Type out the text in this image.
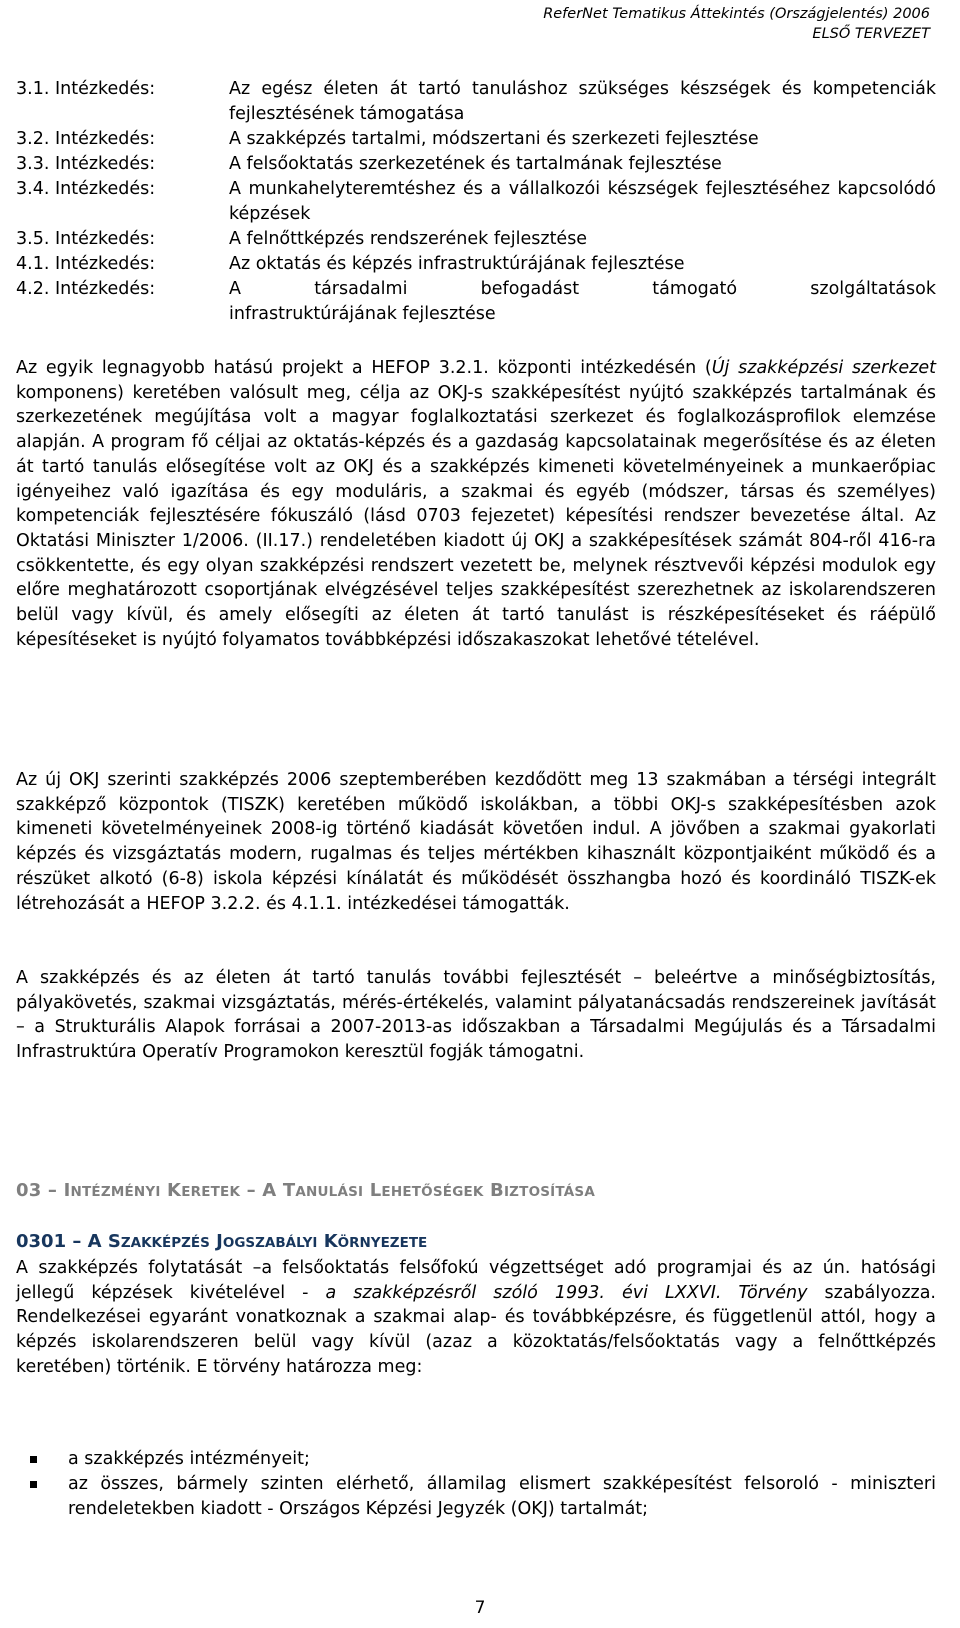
ReferNet Tematikus Áttekintés (Országjelentés) 2006
ELSŐ TERVEZET
3.1. Intézkedés:	Az egész életen át tartó tanuláshoz szükséges készségek és kompetenciák fejlesztésének támogatása
3.2. Intézkedés:	A szakképzés tartalmi, módszertani és szerkezeti fejlesztése
3.3. Intézkedés:	A felsőoktatás szerkezetének és tartalmának fejlesztése
3.4. Intézkedés:	A munkahelyteremtéshez és a vállalkozói készségek fejlesztéséhez kapcsolódó képzések
3.5. Intézkedés:	A felnőttképzés rendszerének fejlesztése
4.1. Intézkedés:	Az oktatás és képzés infrastruktúrájának fejlesztése
4.2. Intézkedés:	A társadalmi befogadást támogató szolgáltatások
infrastruktúrájának fejlesztése

Az egyik legnagyobb hatású projekt a HEFOP 3.2.1. központi intézkedésén (Új szakképzési szerkezet komponens) keretében valósult meg, célja az OKJ-s szakképesítést nyújtó szakképzés tartalmának és szerkezetének megújítása volt a magyar foglalkoztatási szerkezet és foglalkozásprofilok elemzése alapján. A program fő céljai az oktatás-képzés és a gazdaság kapcsolatainak megerősítése és az életen át tartó tanulás elősegítése volt az OKJ és a szakképzés kimeneti követelményeinek a munkaerőpiac igényeihez való igazítása és egy moduláris, a szakmai és egyéb (módszer, társas és személyes) kompetenciák fejlesztésére fókuszáló (lásd 0703 fejezetet) képesítési rendszer bevezetése által. Az Oktatási Miniszter 1/2006. (II.17.) rendeletében kiadott új OKJ a szakképesítések számát 804-ről 416-ra csökkentette, és egy olyan szakképzési rendszert vezetett be, melynek résztvevői képzési modulok egy előre meghatározott csoportjának elvégzésével teljes szakképesítést szerezhetnek az iskolarendszeren belül vagy kívül, és amely elősegíti az életen át tartó tanulást is részképesítéseket és ráépülő képesítéseket is nyújtó folyamatos továbbképzési időszakaszokat lehetővé tételével.

Az új OKJ szerinti szakképzés 2006 szeptemberében kezdődött meg 13 szakmában a térségi integrált szakképző központok (TISZK) keretében működő iskolákban, a többi OKJ-s szakképesítésben azok kimeneti követelményeinek 2008-ig történő kiadását követően indul. A jövőben a szakmai gyakorlati képzés és vizsgáztatás modern, rugalmas és teljes mértékben kihasznált központjaiként működő és a részüket alkotó (6-8) iskola képzési kínálatát és működését összhangba hozó és koordináló TISZK-ek létrehozását a HEFOP 3.2.2. és 4.1.1. intézkedései támogatták.

A szakképzés és az életen át tartó tanulás további fejlesztését – beleértve a minőségbiztosítás, pályakövetés, szakmai vizsgáztatás, mérés-értékelés, valamint pályatanácsadás rendszereinek javítását – a Strukturális Alapok forrásai a 2007-2013-as időszakban a Társadalmi Megújulás és a Társadalmi Infrastruktúra Operatív Programokon keresztül fogják támogatni.

03 – INTÉZMÉNYI KERETEK – A TANULÁSI LEHETŐSÉGEK BIZTOSÍTÁSA
0301 – A SZAKKÉPZÉS JOGSZABÁLYI KÖRNYEZETE

A szakképzés folytatását –a felsőoktatás felsőfokú végzettséget adó programjai és az ún. hatósági jellegű képzések kivételével - a szakképzésről szóló 1993. évi LXXVI. Törvény szabályozza. Rendelkezései egyaránt vonatkoznak a szakmai alap- és továbbképzésre, és függetlenül attól, hogy a képzés iskolarendszeren belül vagy kívül (azaz a közoktatás/felsőoktatás vagy a felnőttképzés keretében) történik. E törvény határozza meg:

a szakképzés intézményeit;
az összes, bármely szinten elérhető, államilag elismert szakképesítést felsoroló - miniszteri rendeletekben kiadott - Országos Képzési Jegyzék (OKJ) tartalmát;
7
